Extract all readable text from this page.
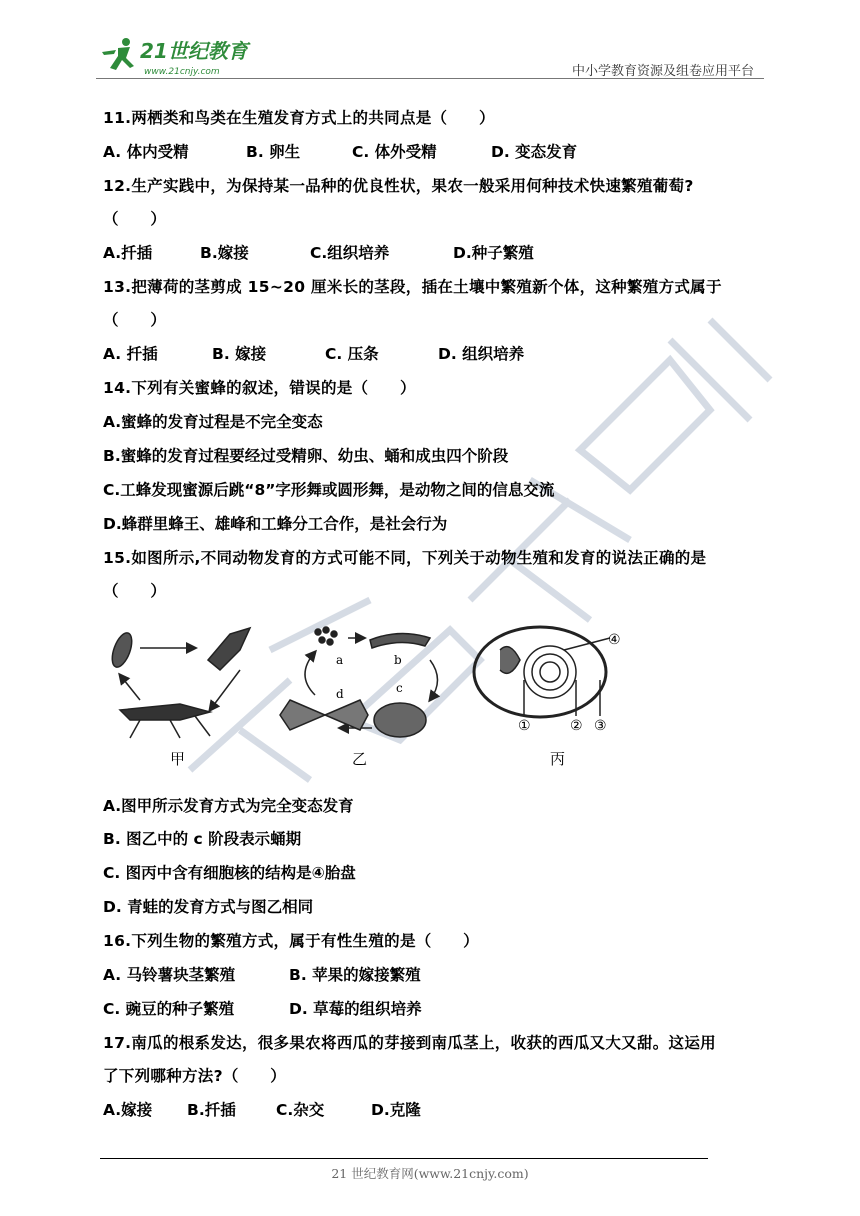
21世纪教育
www.21cnjy.com	中小学教育资源及组卷应用平台
11.两栖类和鸟类在生殖发育方式上的共同点是（　　）
A. 体内受精	B. 卵生	C. 体外受精	D. 变态发育
12.生产实践中，为保持某一品种的优良性状，果农一般采用何种技术快速繁殖葡萄?
（　　）
A.扦插	B.嫁接	C.组织培养	D.种子繁殖
13.把薄荷的茎剪成 15~20 厘米长的茎段，插在土壤中繁殖新个体，这种繁殖方式属于
（　　）
A. 扦插	B. 嫁接	C. 压条	D. 组织培养
14.下列有关蜜蜂的叙述，错误的是（　　）
A.蜜蜂的发育过程是不完全变态
B.蜜蜂的发育过程要经过受精卵、幼虫、蛹和成虫四个阶段
C.工蜂发现蜜源后跳“8”字形舞或圆形舞，是动物之间的信息交流
D.蜂群里蜂王、雄峰和工蜂分工合作，是社会行为
15.如图所示,不同动物发育的方式可能不同，下列关于动物生殖和发育的说法正确的是
（　　）
a	b
c
d
①	② ③
④
甲	乙	丙
A.图甲所示发育方式为完全变态发育
B. 图乙中的 c 阶段表示蛹期
C. 图丙中含有细胞核的结构是④胎盘
D. 青蛙的发育方式与图乙相同
16.下列生物的繁殖方式，属于有性生殖的是（　　）
A. 马铃薯块茎繁殖	B. 苹果的嫁接繁殖
C. 豌豆的种子繁殖	D. 草莓的组织培养
17.南瓜的根系发达，很多果农将西瓜的芽接到南瓜茎上，收获的西瓜又大又甜。这运用
了下列哪种方法?（　　）
A.嫁接 B.扦插	C.杂交	D.克隆
21 世纪教育网(www.21cnjy.com)
